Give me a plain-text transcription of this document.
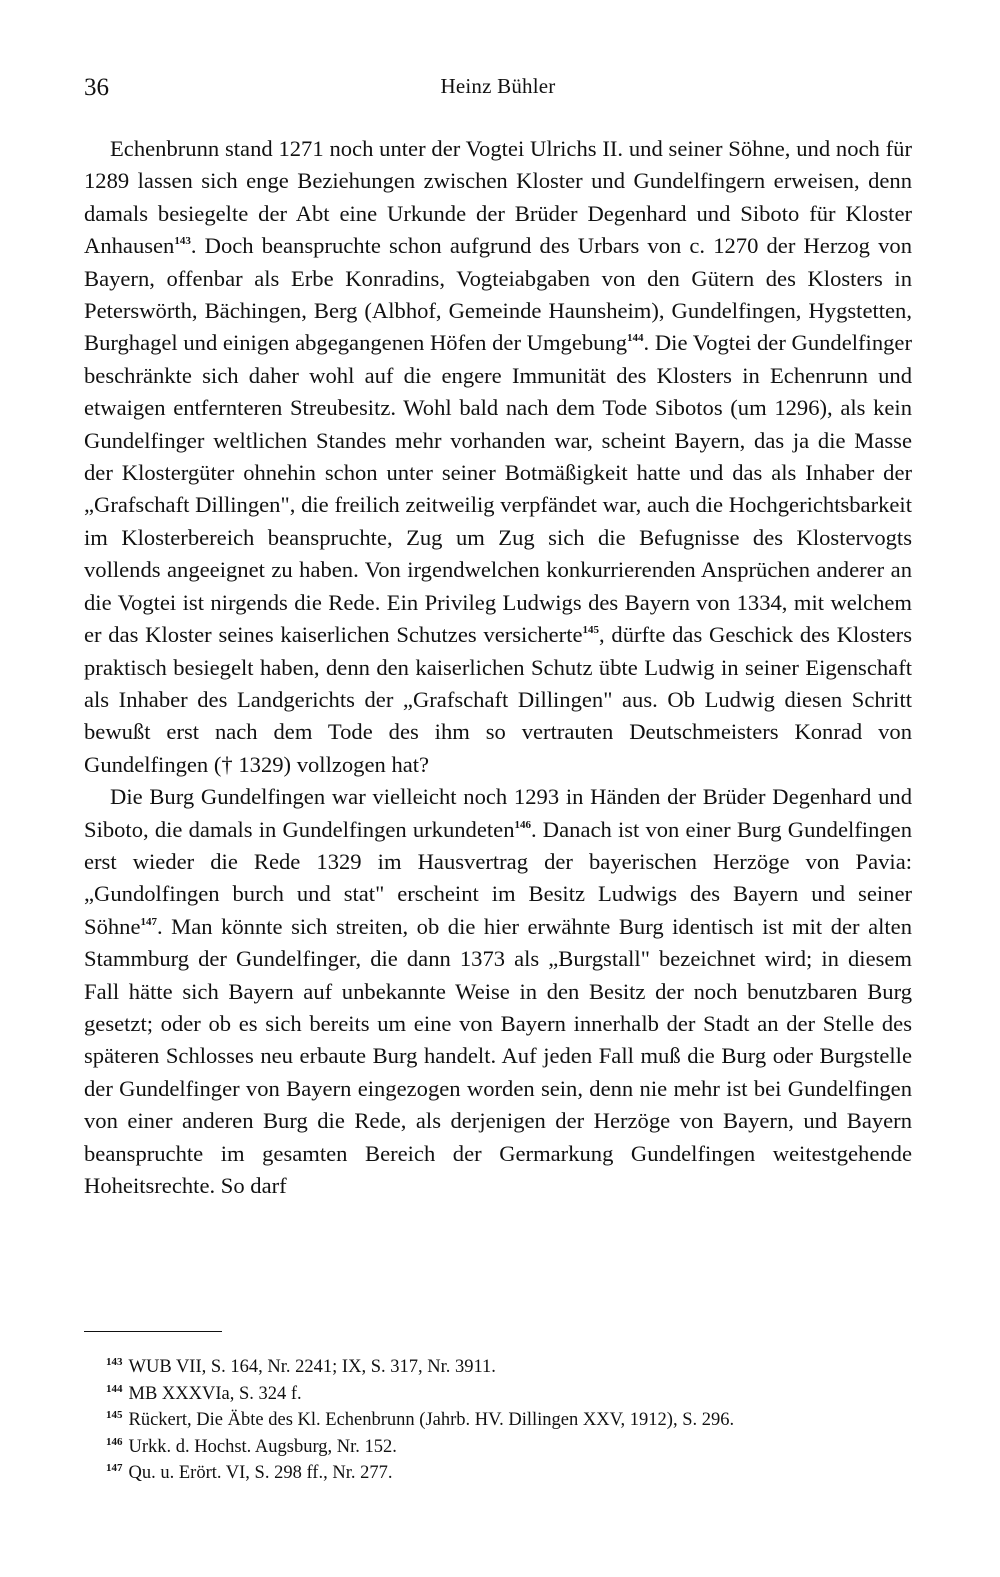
36	Heinz Bühler

Echenbrunn stand 1271 noch unter der Vogtei Ulrichs II. und seiner Söhne, und noch für 1289 lassen sich enge Beziehungen zwischen Kloster und Gundelfingern erweisen, denn damals besiegelte der Abt eine Urkunde der Brüder Degenhard und Siboto für Kloster Anhausen$^{143}$. Doch beanspruchte schon aufgrund des Urbars von c. 1270 der Herzog von Bayern, offenbar als Erbe Konradins, Vogteiabgaben von den Gütern des Klosters in Peterswörth, Bächingen, Berg (Albhof, Gemeinde Haunsheim), Gundelfingen, Hygstetten, Burghagel und einigen abgegangenen Höfen der Umgebung$^{144}$. Die Vogtei der Gundelfinger beschränkte sich daher wohl auf die engere Immunität des Klosters in Echenrunn und etwaigen entfernteren Streubesitz. Wohl bald nach dem Tode Sibotos (um 1296), als kein Gundelfinger weltlichen Standes mehr vorhanden war, scheint Bayern, das ja die Masse der Klostergüter ohnehin schon unter seiner Botmäßigkeit hatte und das als Inhaber der „Grafschaft Dillingen", die freilich zeitweilig verpfändet war, auch die Hochgerichtsbarkeit im Klosterbereich beanspruchte, Zug um Zug sich die Befugnisse des Klostervogts vollends angeeignet zu haben. Von irgendwelchen konkurrierenden Ansprüchen anderer an die Vogtei ist nirgends die Rede. Ein Privileg Ludwigs des Bayern von 1334, mit welchem er das Kloster seines kaiserlichen Schutzes versicherte$^{145}$, dürfte das Geschick des Klosters praktisch besiegelt haben, denn den kaiserlichen Schutz übte Ludwig in seiner Eigenschaft als Inhaber des Landgerichts der „Grafschaft Dillingen" aus. Ob Ludwig diesen Schritt bewußt erst nach dem Tode des ihm so vertrauten Deutschmeisters Konrad von Gundelfingen († 1329) vollzogen hat?

Die Burg Gundelfingen war vielleicht noch 1293 in Händen der Brüder Degenhard und Siboto, die damals in Gundelfingen urkundeten$^{146}$. Danach ist von einer Burg Gundelfingen erst wieder die Rede 1329 im Hausvertrag der bayerischen Herzöge von Pavia: „Gundolfingen burch und stat" erscheint im Besitz Ludwigs des Bayern und seiner Söhne$^{147}$. Man könnte sich streiten, ob die hier erwähnte Burg identisch ist mit der alten Stammburg der Gundelfinger, die dann 1373 als „Burgstall" bezeichnet wird; in diesem Fall hätte sich Bayern auf unbekannte Weise in den Besitz der noch benutzbaren Burg gesetzt; oder ob es sich bereits um eine von Bayern innerhalb der Stadt an der Stelle des späteren Schlosses neu erbaute Burg handelt. Auf jeden Fall muß die Burg oder Burgstelle der Gundelfinger von Bayern eingezogen worden sein, denn nie mehr ist bei Gundelfingen von einer anderen Burg die Rede, als derjenigen der Herzöge von Bayern, und Bayern beanspruchte im gesamten Bereich der Germarkung Gundelfingen weitestgehende Hoheitsrechte. So darf

$^{143}$ WUB VII, S. 164, Nr. 2241; IX, S. 317, Nr. 3911.
$^{144}$ MB XXXVIa, S. 324 f.
$^{145}$ Rückert, Die Äbte des Kl. Echenbrunn (Jahrb. HV. Dillingen XXV, 1912), S. 296.
$^{146}$ Urkk. d. Hochst. Augsburg, Nr. 152.
$^{147}$ Qu. u. Erört. VI, S. 298 ff., Nr. 277.
